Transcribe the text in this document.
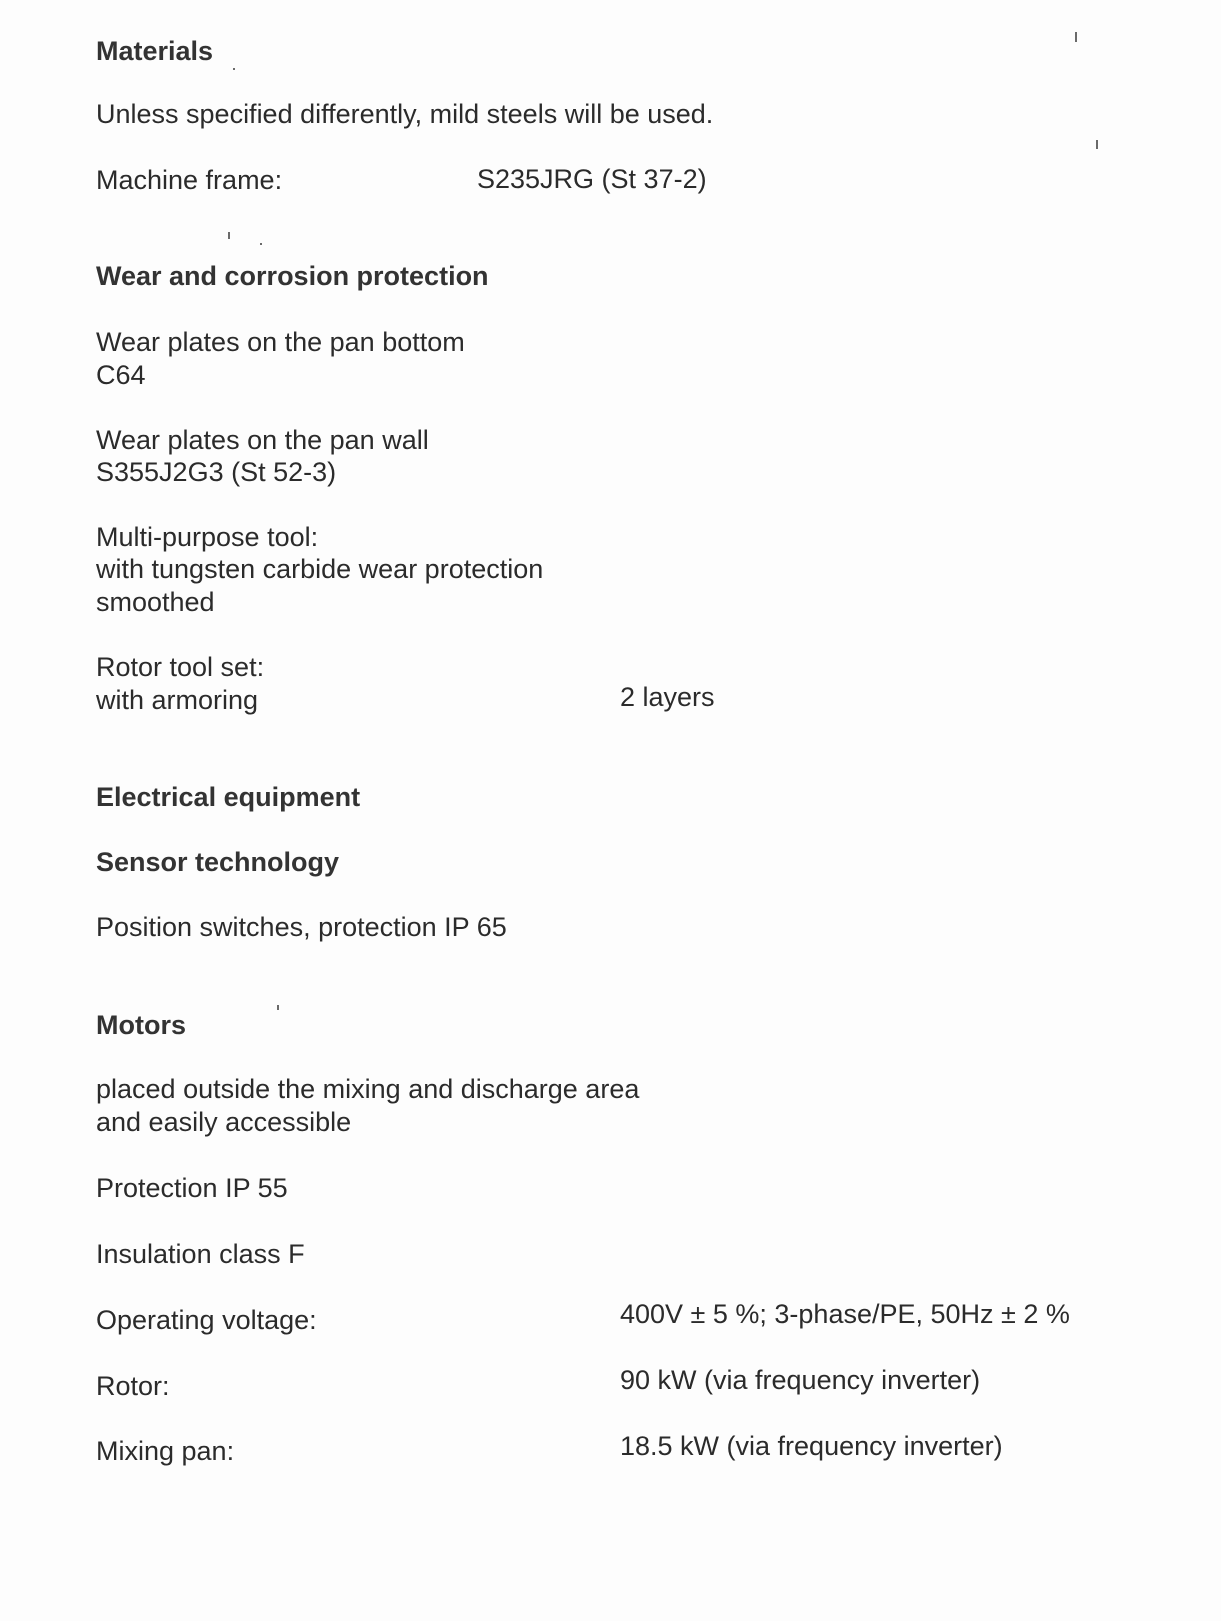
Materials
Unless specified differently, mild steels will be used.
Machine frame:	S235JRG (St 37-2)
Wear and corrosion protection
Wear plates on the pan bottom
C64
Wear plates on the pan wall
S355J2G3 (St 52-3)
Multi-purpose tool:
with tungsten carbide wear protection
smoothed
Rotor tool set:
with armoring	2 layers
Electrical equipment
Sensor technology
Position switches, protection IP 65
Motors
placed outside the mixing and discharge area
and easily accessible
Protection IP 55
Insulation class F
Operating voltage:	400V ± 5 %; 3-phase/PE, 50Hz ± 2 %
Rotor:	90 kW (via frequency inverter)
Mixing pan:	18.5 kW (via frequency inverter)
